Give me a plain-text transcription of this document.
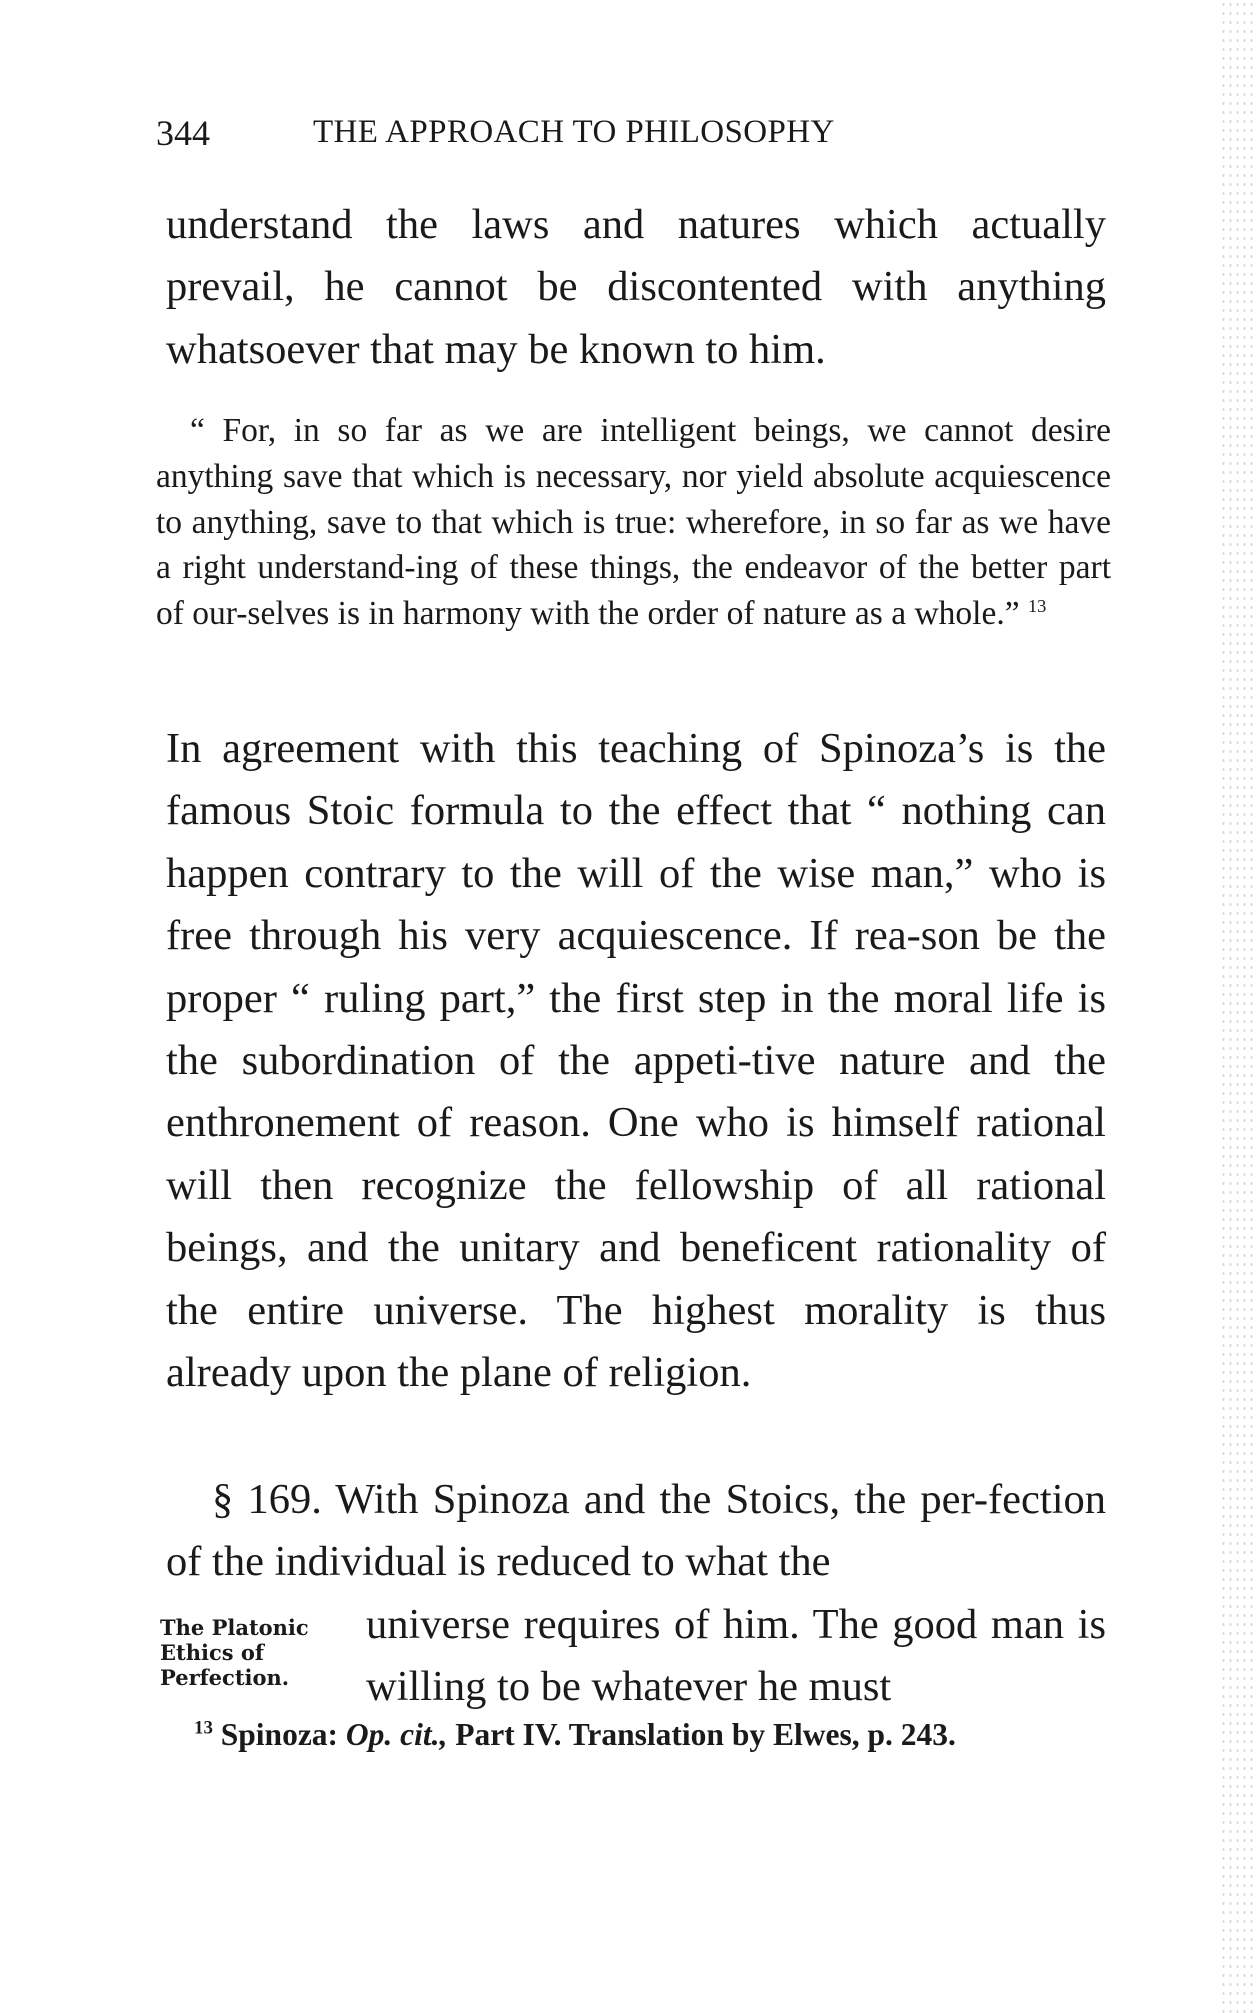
344	THE APPROACH TO PHILOSOPHY

understand the laws and natures which actually prevail, he cannot be discontented with anything whatsoever that may be known to him.

“ For, in so far as we are intelligent beings, we cannot desire anything save that which is necessary, nor yield absolute acquiescence to anything, save to that which is true: wherefore, in so far as we have a right understand-ing of these things, the endeavor of the better part of our-selves is in harmony with the order of nature as a whole.” $^{13}$

In agreement with this teaching of Spinoza’s is the famous Stoic formula to the effect that “ nothing can happen contrary to the will of the wise man,” who is free through his very acquiescence. If rea-son be the proper “ ruling part,” the first step in the moral life is the subordination of the appeti-tive nature and the enthronement of reason. One who is himself rational will then recognize the fellowship of all rational beings, and the unitary and beneficent rationality of the entire universe. The highest morality is thus already upon the plane of religion.

§ 169. With Spinoza and the Stoics, the per-fection of the individual is reduced to what the

universe requires of him. The good man is willing to be whatever he must

The Platonic
Ethics of
Perfection.

$^{13}$ Spinoza: Op. cit., Part IV. Translation by Elwes, p. 243.
